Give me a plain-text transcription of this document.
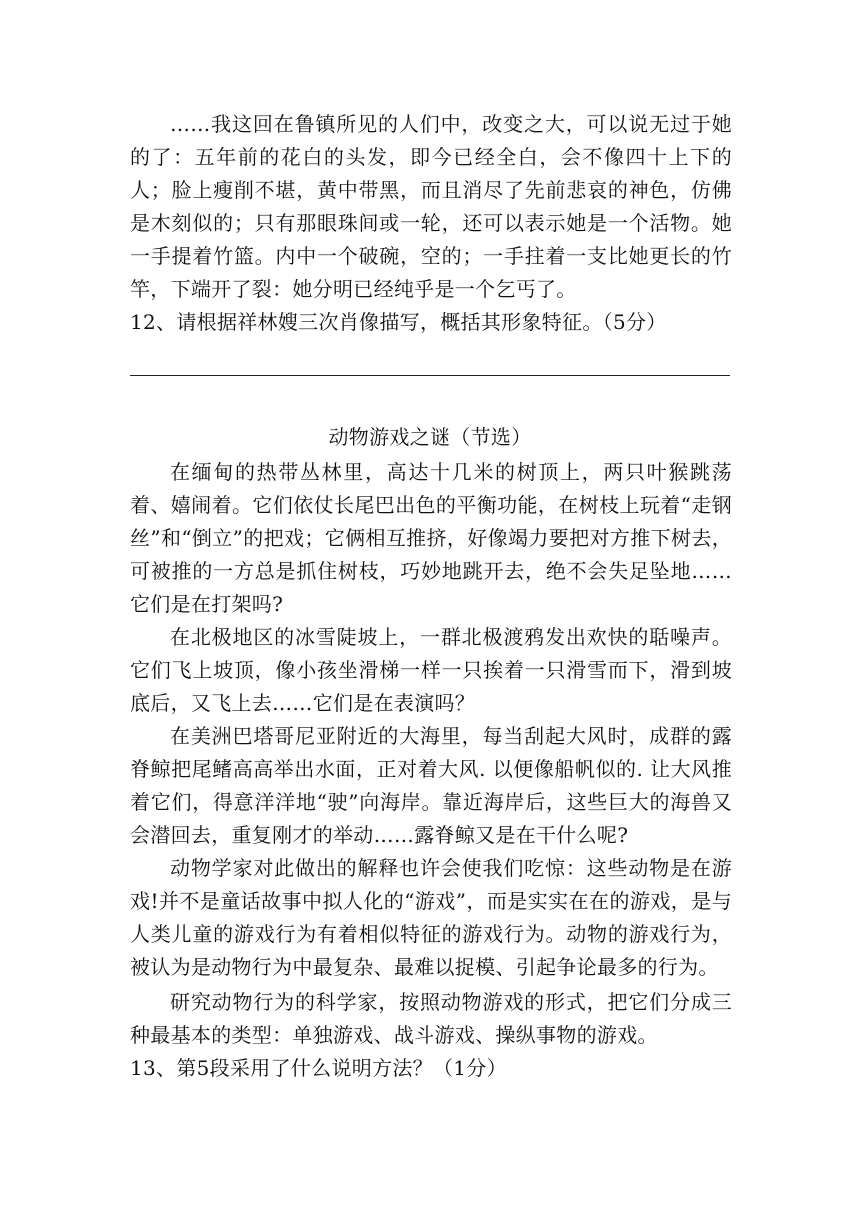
……我这回在鲁镇所见的人们中，改变之大，可以说无过于她的了：五年前的花白的头发，即今已经全白，会不像四十上下的人；脸上瘦削不堪，黄中带黑，而且消尽了先前悲哀的神色，仿佛是木刻似的；只有那眼珠间或一轮，还可以表示她是一个活物。她一手提着竹篮。内中一个破碗，空的；一手拄着一支比她更长的竹竿，下端开了裂：她分明已经纯乎是一个乞丐了。

12、请根据祥林嫂三次肖像描写，概括其形象特征。（5分）

动物游戏之谜（节选）

在缅甸的热带丛林里，高达十几米的树顶上，两只叶猴跳荡着、嬉闹着。它们依仗长尾巴出色的平衡功能，在树枝上玩着“走钢丝”和“倒立”的把戏；它俩相互推挤，好像竭力要把对方推下树去，可被推的一方总是抓住树枝，巧妙地跳开去，绝不会失足坠地……它们是在打架吗?

在北极地区的冰雪陡坡上，一群北极渡鸦发出欢快的聒噪声。它们飞上坡顶，像小孩坐滑梯一样一只挨着一只滑雪而下，滑到坡底后，又飞上去……它们是在表演吗？

在美洲巴塔哥尼亚附近的大海里，每当刮起大风时，成群的露脊鲸把尾鳍高高举出水面，正对着大风. 以便像船帆似的. 让大风推着它们，得意洋洋地“驶”向海岸。靠近海岸后，这些巨大的海兽又会潜回去，重复刚才的举动……露脊鲸又是在干什么呢?

动物学家对此做出的解释也许会使我们吃惊：这些动物是在游戏!并不是童话故事中拟人化的“游戏”，而是实实在在的游戏，是与人类儿童的游戏行为有着相似特征的游戏行为。动物的游戏行为，被认为是动物行为中最复杂、最难以捉模、引起争论最多的行为。

研究动物行为的科学家，按照动物游戏的形式，把它们分成三种最基本的类型：单独游戏、战斗游戏、操纵事物的游戏。

13、第5段采用了什么说明方法？（1分）
